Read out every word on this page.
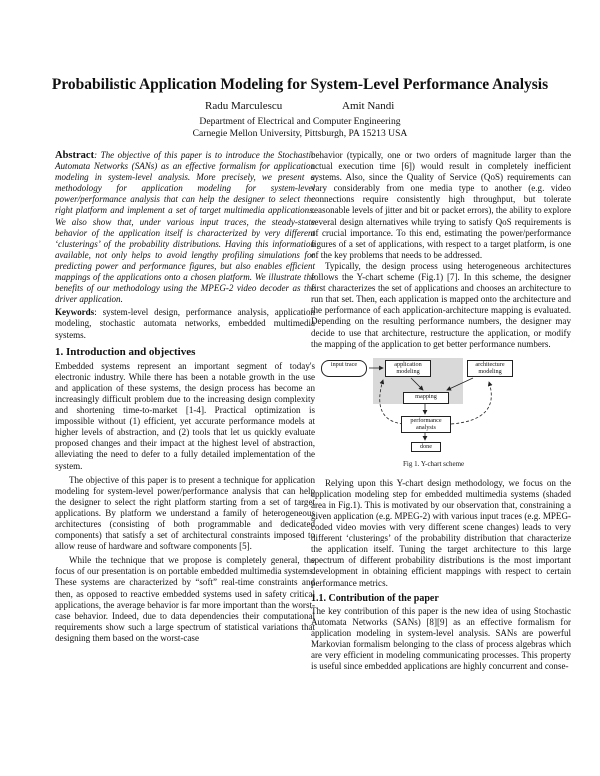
Probabilistic Application Modeling for System-Level Performance Analysis
Radu Marculescu	Amit Nandi
Department of Electrical and Computer Engineering
Carnegie Mellon University, Pittsburgh, PA 15213 USA

Abstract: The objective of this paper is to introduce the Stochastic Automata Networks (SANs) as an effective formalism for application modeling in system-level analysis. More precisely, we present a methodology for application modeling for system-level power/performance analysis that can help the designer to select the right platform and implement a set of target multimedia applications. We also show that, under various input traces, the steady-state behavior of the application itself is characterized by very different ‘clusterings’ of the probability distributions. Having this information available, not only helps to avoid lengthy profiling simulations for predicting power and performance figures, but also enables efficient mappings of the applications onto a chosen platform. We illustrate the benefits of our methodology using the MPEG-2 video decoder as the driver application.

Keywords: system-level design, performance analysis, application modeling, stochastic automata networks, embedded multimedia systems.

1. Introduction and objectives

Embedded systems represent an important segment of today's electronic industry. While there has been a notable growth in the use and application of these systems, the design process has become an increasingly difficult problem due to the increasing design complexity and shortening time-to-market [1-4]. Practical optimization is impossible without (1) efficient, yet accurate performance models at higher levels of abstraction, and (2) tools that let us quickly evaluate proposed changes and their impact at the highest level of abstraction, alleviating the need to defer to a fully detailed implementation of the system.

The objective of this paper is to present a technique for application modeling for system-level power/performance analysis that can help the designer to select the right platform starting from a set of target applications. By platform we understand a family of heterogeneous architectures (consisting of both programmable and dedicated components) that satisfy a set of architectural constraints imposed to allow reuse of hardware and software components [5].

While the technique that we propose is completely general, the focus of our presentation is on portable embedded multimedia systems. These systems are characterized by “soft” real-time constraints and then, as opposed to reactive embedded systems used in safety critical applications, the average behavior is far more important than the worst-case behavior. Indeed, due to data dependencies their computational requirements show such a large spectrum of statistical variations that designing them based on the worst-case

behavior (typically, one or two orders of magnitude larger than the actual execution time [6]) would result in completely inefficient systems. Also, since the Quality of Service (QoS) requirements can vary considerably from one media type to another (e.g. video connections require consistently high throughput, but tolerate reasonable levels of jitter and bit or packet errors), the ability to explore several design alternatives while trying to satisfy QoS requirements is of crucial importance. To this end, estimating the power/performance figures of a set of applications, with respect to a target platform, is one of the key problems that needs to be addressed.

Typically, the design process using heterogeneous architectures follows the Y-chart scheme (Fig.1) [7]. In this scheme, the designer first characterizes the set of applications and chooses an architecture to run that set. Then, each application is mapped onto the architecture and the performance of each application-architecture mapping is evaluated. Depending on the resulting performance numbers, the designer may decide to use that architecture, restructure the application, or modify the mapping of the application to get better performance numbers.

input trace	application modeling
architecture modeling
mapping
performance analysis
done
Fig 1. Y-chart scheme

Relying upon this Y-chart design methodology, we focus on the application modeling step for embedded multimedia systems (shaded area in Fig.1). This is motivated by our observation that, constraining a given application (e.g. MPEG-2) with various input traces (e.g. MPEG-coded video movies with very different scene changes) leads to very different ‘clusterings’ of the probability distribution that characterize the application itself. Tuning the target architecture to this large spectrum of different probability distributions is the most important development in obtaining efficient mappings with respect to certain performance metrics.

1.1. Contribution of the paper

The key contribution of this paper is the new idea of using Stochastic Automata Networks (SANs) [8][9] as an effective formalism for application modeling in system-level analysis. SANs are powerful Markovian formalism belonging to the class of process algebras which are very efficient in modeling communicating processes. This property is useful since embedded applications are highly concurrent and conse-
